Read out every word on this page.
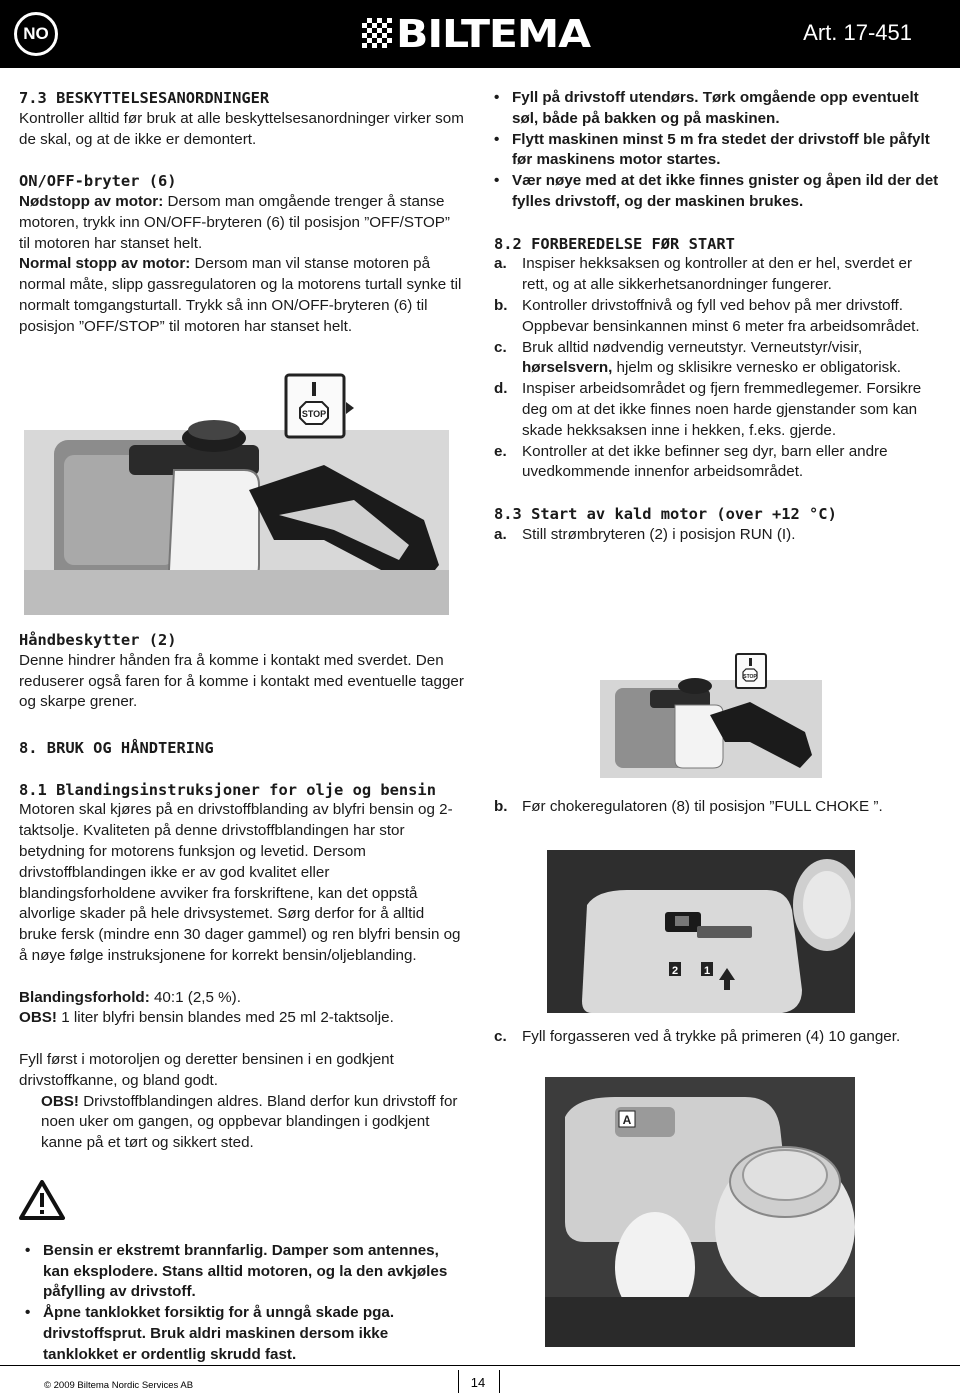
NO	BILTEMA	Art. 17-451

7.3 BESKYTTELSESANORDNINGER

Kontroller alltid før bruk at alle beskyttelsesanordninger virker som de skal, og at de ikke er demontert.

ON/OFF-bryter (6)

Nødstopp av motor: Dersom man omgående trenger å stanse motoren, trykk inn ON/OFF-bryteren (6) til posisjon ”OFF/STOP” til motoren har stanset helt.

Normal stopp av motor: Dersom man vil stanse motoren på normal måte, slipp gassregulatoren og la motorens turtall synke til normalt tomgangsturtall. Trykk så inn ON/OFF-bryteren (6) til posisjon ”OFF/STOP” til motoren har stanset helt.

STOP

Håndbeskytter (2)

Denne hindrer hånden fra å komme i kontakt med sverdet. Den reduserer også faren for å komme i kontakt med eventuelle tagger og skarpe grener.

8. BRUK OG HÅNDTERING

8.1 Blandingsinstruksjoner for olje og bensin

Motoren skal kjøres på en drivstoffblanding av blyfri bensin og 2-taktsolje. Kvaliteten på denne drivstoffblandingen har stor betydning for motorens funksjon og levetid. Dersom drivstoffblandingen ikke er av god kvalitet eller blandingsforholdene avviker fra forskriftene, kan det oppstå alvorlige skader på hele drivsystemet. Sørg derfor for å alltid bruke fersk (mindre enn 30 dager gammel) og ren blyfri bensin og å nøye følge instruksjonene for korrekt bensin/oljeblanding.

Blandingsforhold: 40:1 (2,5 %).

OBS! 1 liter blyfri bensin blandes med 25 ml 2-taktsolje.

Fyll først i motoroljen og deretter bensinen i en godkjent drivstoffkanne, og bland godt.

OBS! Drivstoffblandingen aldres. Bland derfor kun drivstoff for noen uker om gangen, og oppbevar blandingen i godkjent kanne på et tørt og sikkert sted.

• Bensin er ekstremt brannfarlig. Damper som antennes, kan eksplodere. Stans alltid motoren, og la den avkjøles påfylling av drivstoff.
• Åpne tanklokket forsiktig for å unngå skade pga. drivstoffsprut. Bruk aldri maskinen dersom ikke tanklokket er ordentlig skrudd fast.
• Fyll på drivstoff utendørs. Tørk omgående opp eventuelt søl, både på bakken og på maskinen.
• Flytt maskinen minst 5 m fra stedet der drivstoff ble påfylt før maskinens motor startes.
• Vær nøye med at det ikke finnes gnister og åpen ild der det fylles drivstoff, og der maskinen brukes.

8.2 FORBEREDELSE FØR START

a. Inspiser hekksaksen og kontroller at den er hel, sverdet er rett, og at alle sikkerhetsanordninger fungerer.
b. Kontroller drivstoffnivå og fyll ved behov på mer drivstoff. Oppbevar bensinkannen minst 6 meter fra arbeidsområdet.
c. Bruk alltid nødvendig verneutstyr. Verneutstyr/visir, hørselsvern, hjelm og sklisikre vernesko er obligatorisk.
d. Inspiser arbeidsområdet og fjern fremmedlegemer. Forsikre deg om at det ikke finnes noen harde gjenstander som kan skade hekksaksen inne i hekken, f.eks. gjerde.
e. Kontroller at det ikke befinner seg dyr, barn eller andre uvedkommende innenfor arbeidsområdet.

8.3 Start av kald motor (over +12 °C)

a. Still strømbryteren (2) i posisjon RUN (I).
STOP
b. Før chokeregulatoren (8) til posisjon ”FULL CHOKE ”.
2 1
c. Fyll forgasseren ved å trykke på primeren (4) 10 ganger.
A
© 2009 Biltema Nordic Services AB	14
